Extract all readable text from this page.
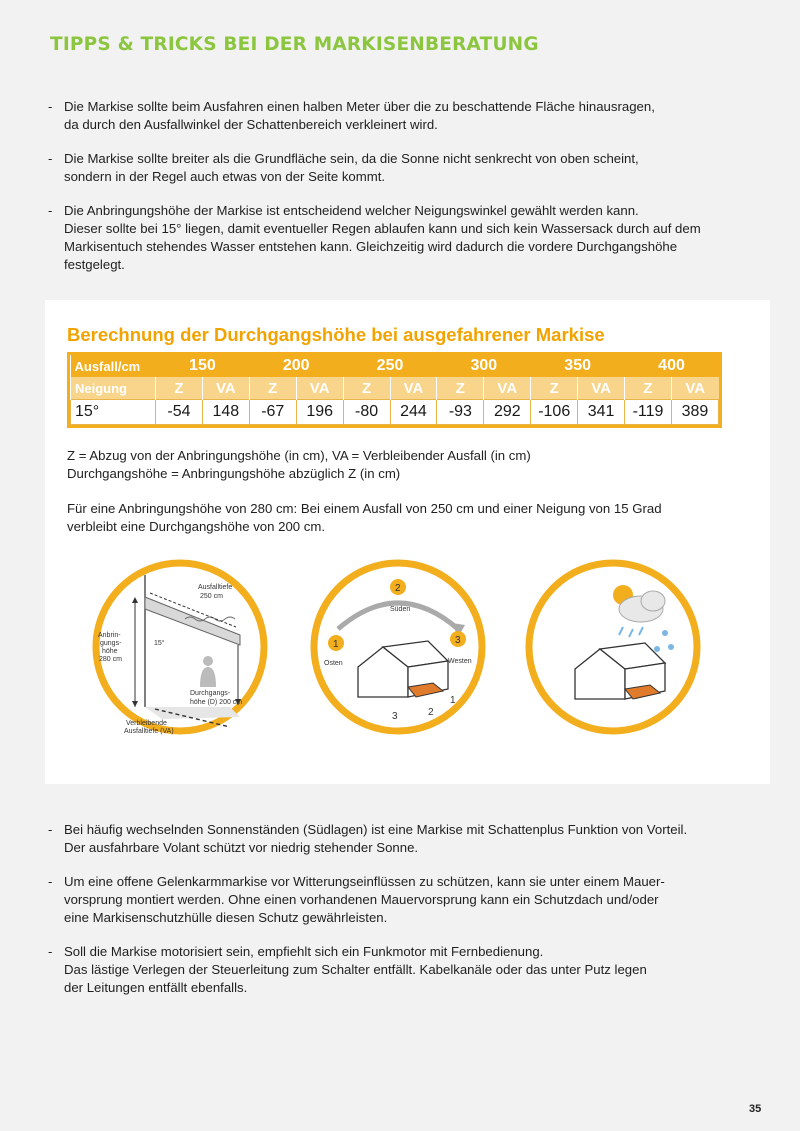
TIPPS & TRICKS BEI DER MARKISENBERATUNG
- Die Markise sollte beim Ausfahren einen halben Meter über die zu beschattende Fläche hinausragen,
da durch den Ausfallwinkel der Schattenbereich verkleinert wird.
- Die Markise sollte breiter als die Grundfläche sein, da die Sonne nicht senkrecht von oben scheint,
sondern in der Regel auch etwas von der Seite kommt.
- Die Anbringungshöhe der Markise ist entscheidend welcher Neigungswinkel gewählt werden kann.
Dieser sollte bei 15° liegen, damit eventueller Regen ablaufen kann und sich kein Wassersack durch auf dem
Markisentuch stehendes Wasser entstehen kann. Gleichzeitig wird dadurch die vordere Durchgangshöhe
festgelegt.
Berechnung der Durchgangshöhe bei ausgefahrener Markise
Ausfall/cm	150		200		250		300		350		400	
Neigung	Z	VA	Z	VA	Z	VA	Z	VA	Z	VA	Z	VA
15°	-54	148	-67	196	-80	244	-93	292	-106	341	-119	389
Z = Abzug von der Anbringungshöhe (in cm), VA = Verbleibender Ausfall (in cm)
Durchgangshöhe = Anbringungshöhe abzüglich Z (in cm)
Für eine Anbringungshöhe von 280 cm: Bei einem Ausfall von 250 cm und einer Neigung von 15 Grad
verbleibt eine Durchgangshöhe von 200 cm.
Ausfalltiefe
250 cm
Anbrin-
gungs-
höhe
280 cm
15°
Durchgangs-
höhe (D) 200 cm
Verbleibende
Ausfalltiefe (VA)
2
1	3
Süden
Osten	Westen
1
2
3
- Bei häufig wechselnden Sonnenständen (Südlagen) ist eine Markise mit Schattenplus Funktion von Vorteil.
Der ausfahrbare Volant schützt vor niedrig stehender Sonne.
- Um eine offene Gelenkarmmarkise vor Witterungseinflüssen zu schützen, kann sie unter einem Mauer-
vorsprung montiert werden. Ohne einen vorhandenen Mauervorsprung kann ein Schutzdach und/oder
eine Markisenschutzhülle diesen Schutz gewährleisten.
- Soll die Markise motorisiert sein, empfiehlt sich ein Funkmotor mit Fernbedienung.
Das lästige Verlegen der Steuerleitung zum Schalter entfällt. Kabelkanäle oder das unter Putz legen
der Leitungen entfällt ebenfalls.
35
